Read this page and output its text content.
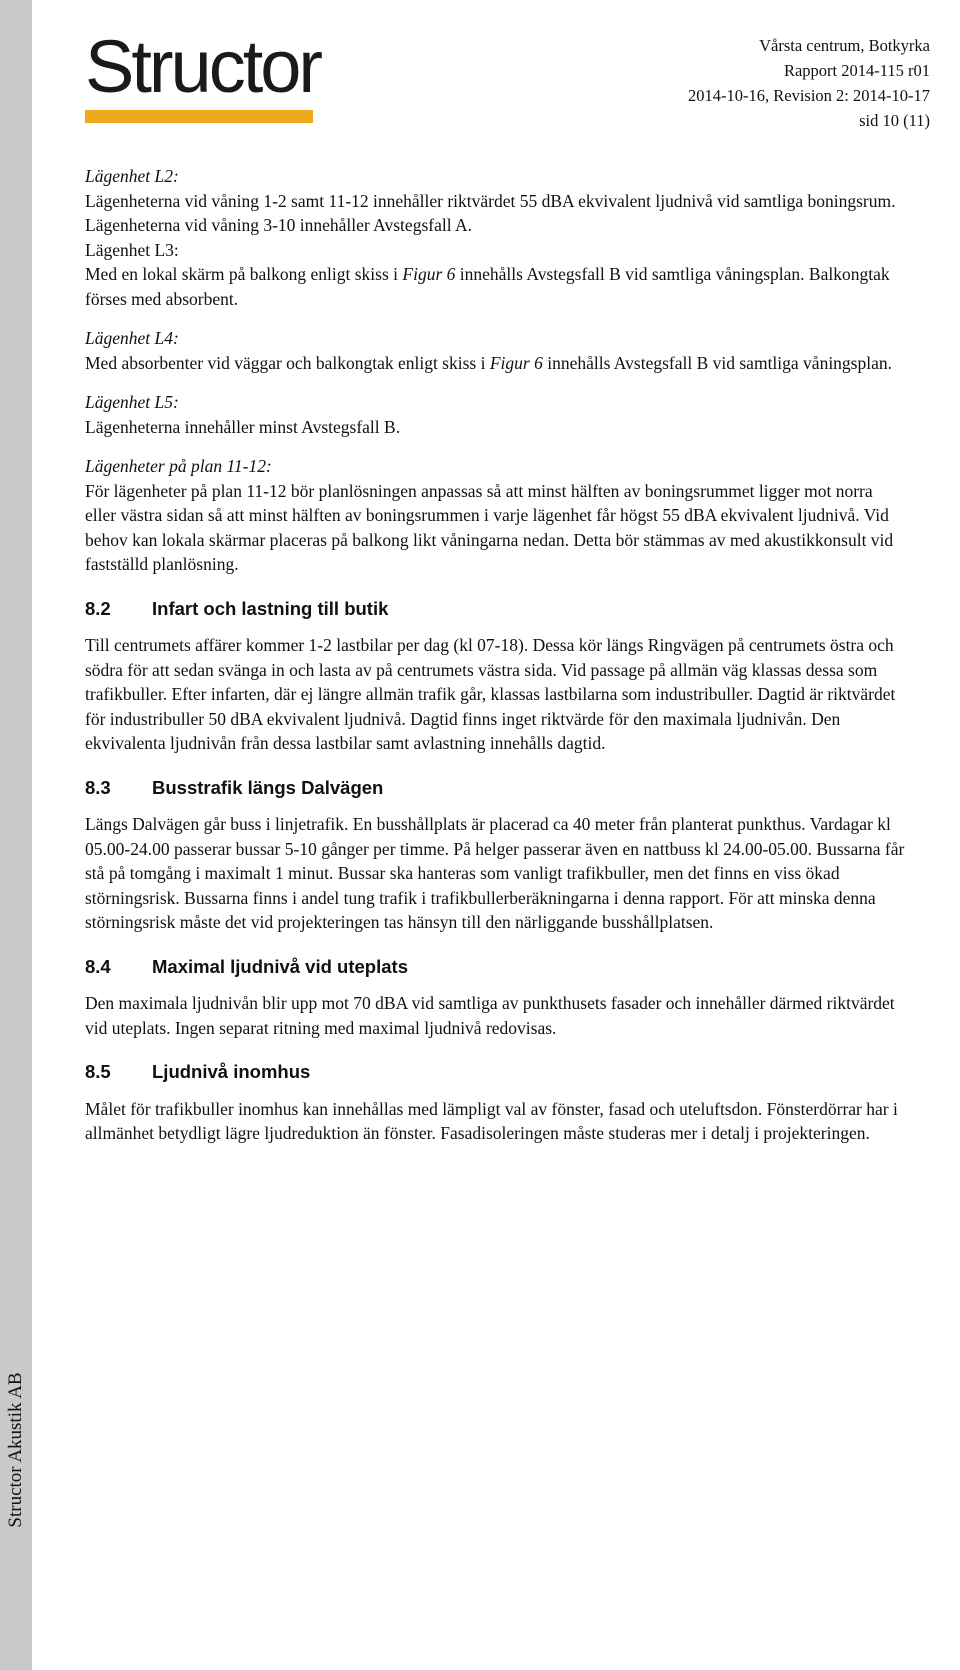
Structor Akustik AB
Structor	Vårsta centrum, Botkyrka
Rapport 2014-115 r01
2014-10-16, Revision 2: 2014-10-17
sid 10 (11)

Lägenhet L2:

Lägenheterna vid våning 1-2 samt 11-12 innehåller riktvärdet 55 dBA ekvivalent ljudnivå vid samtliga boningsrum. Lägenheterna vid våning 3-10 innehåller Avstegsfall A.

Lägenhet L3:

Med en lokal skärm på balkong enligt skiss i Figur 6 innehålls Avstegsfall B vid samtliga våningsplan. Balkongtak förses med absorbent.

Lägenhet L4:

Med absorbenter vid väggar och balkongtak enligt skiss i Figur 6 innehålls Avstegsfall B vid samtliga våningsplan.

Lägenhet L5:

Lägenheterna innehåller minst Avstegsfall B.

Lägenheter på plan 11-12:

För lägenheter på plan 11-12 bör planlösningen anpassas så att minst hälften av boningsrummet ligger mot norra eller västra sidan så att minst hälften av boningsrummen i varje lägenhet får högst 55 dBA ekvivalent ljudnivå. Vid behov kan lokala skärmar placeras på balkong likt våningarna nedan. Detta bör stämmas av med akustikkonsult vid fastställd planlösning.

8.2	Infart och lastning till butik

Till centrumets affärer kommer 1-2 lastbilar per dag (kl 07-18). Dessa kör längs Ringvägen på centrumets östra och södra för att sedan svänga in och lasta av på centrumets västra sida. Vid passage på allmän väg klassas dessa som trafikbuller. Efter infarten, där ej längre allmän trafik går, klassas lastbilarna som industribuller. Dagtid är riktvärdet för industribuller 50 dBA ekvivalent ljudnivå. Dagtid finns inget riktvärde för den maximala ljudnivån. Den ekvivalenta ljudnivån från dessa lastbilar samt avlastning innehålls dagtid.

8.3	Busstrafik längs Dalvägen

Längs Dalvägen går buss i linjetrafik. En busshållplats är placerad ca 40 meter från planterat punkthus. Vardagar kl 05.00-24.00 passerar bussar 5-10 gånger per timme. På helger passerar även en nattbuss kl 24.00-05.00. Bussarna får stå på tomgång i maximalt 1 minut. Bussar ska hanteras som vanligt trafikbuller, men det finns en viss ökad störningsrisk. Bussarna finns i andel tung trafik i trafikbullerberäkningarna i denna rapport. För att minska denna störningsrisk måste det vid projekteringen tas hänsyn till den närliggande busshållplatsen.

8.4	Maximal ljudnivå vid uteplats

Den maximala ljudnivån blir upp mot 70 dBA vid samtliga av punkthusets fasader och innehåller därmed riktvärdet vid uteplats. Ingen separat ritning med maximal ljudnivå redovisas.

8.5	Ljudnivå inomhus

Målet för trafikbuller inomhus kan innehållas med lämpligt val av fönster, fasad och uteluftsdon. Fönsterdörrar har i allmänhet betydligt lägre ljudreduktion än fönster. Fasadisoleringen måste studeras mer i detalj i projekteringen.
